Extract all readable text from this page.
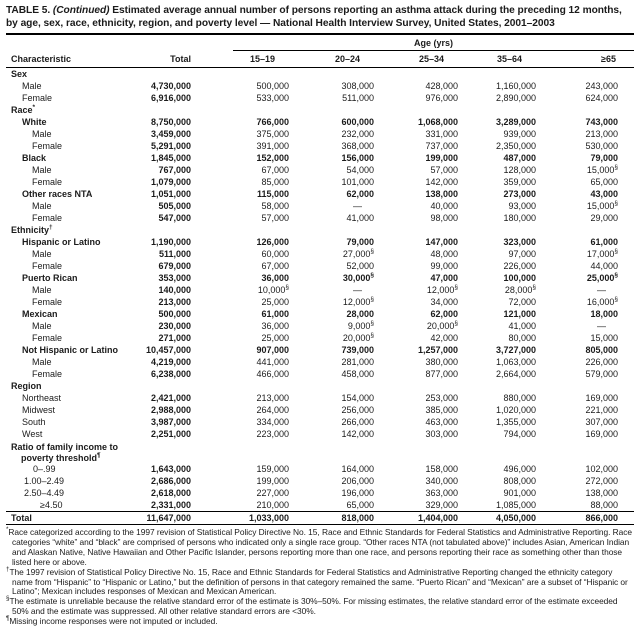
TABLE 5. (Continued) Estimated average annual number of persons reporting an asthma attack during the preceding 12 months, by age, sex, race, ethnicity, region, and poverty level — National Health Interview Survey, United States, 2001–2003

		Age (yrs)				

Characteristic	Total	15–19	20–24	25–34	35–64	≥65
Sex						
Male	4,730,000	500,000	308,000	428,000	1,160,000	243,000
Female	6,916,000	533,000	511,000	976,000	2,890,000	624,000
Race*	
White	8,750,000	766,000	600,000	1,068,000	3,289,000	743,000
Male	3,459,000	375,000	232,000	331,000	939,000	213,000
Female	5,291,000	391,000	368,000	737,000	2,350,000	530,000
Black	1,845,000	152,000	156,000	199,000	487,000	79,000
Male	767,000	67,000	54,000	57,000	128,000	15,000§
Female	1,079,000	85,000	101,000	142,000	359,000	65,000
Other races NTA	1,051,000	115,000	62,000	138,000	273,000	43,000
Male	505,000	58,000	—	40,000	93,000	15,000§
Female	547,000	57,000	41,000	98,000	180,000	29,000
Ethnicity†	
Hispanic or Latino	1,190,000	126,000	79,000	147,000	323,000	61,000
Male	511,000	60,000	27,000§	48,000	97,000	17,000§
Female	679,000	67,000	52,000	99,000	226,000	44,000
Puerto Rican	353,000	36,000	30,000§	47,000	100,000	25,000§
Male	140,000	10,000§	—	12,000§	28,000§	—
Female	213,000	25,000	12,000§	34,000	72,000	16,000§
Mexican	500,000	61,000	28,000	62,000	121,000	18,000
Male	230,000	36,000	9,000§	20,000§	41,000	—
Female	271,000	25,000	20,000§	42,000	80,000	15,000
Not Hispanic or Latino	10,457,000	907,000	739,000	1,257,000	3,727,000	805,000
Male	4,219,000	441,000	281,000	380,000	1,063,000	226,000
Female	6,238,000	466,000	458,000	877,000	2,664,000	579,000
Region						
Northeast	2,421,000	213,000	154,000	253,000	880,000	169,000
Midwest	2,988,000	264,000	256,000	385,000	1,020,000	221,000
South	3,987,000	334,000	266,000	463,000	1,355,000	307,000
West	2,251,000	223,000	142,000	303,000	794,000	169,000
Ratio of family income to poverty threshold¶	
0–.99	1,643,000	159,000	164,000	158,000	496,000	102,000
1.00–2.49	2,686,000	199,000	206,000	340,000	808,000	272,000
2.50–4.49	2,618,000	227,000	196,000	363,000	901,000	138,000
≥4.50	2,331,000	210,000	65,000	329,000	1,085,000	88,000
Total	11,647,000	1,033,000	818,000	1,404,000	4,050,000	866,000
*Race categorized according to the 1997 revision of Statistical Policy Directive No. 15, Race and Ethnic Standards for Federal Statistics and Administrative Reporting. Race categories “white” and “black” are comprised of persons who indicated only a single race group. “Other races NTA (not tabulated above)” includes Asian, American Indian and Alaskan Native, Native Hawaiian and Other Pacific Islander, persons reporting more than one race, and persons reporting their race as something other than those listed here or above.
†The 1997 revision of Statistical Policy Directive No. 15, Race and Ethnic Standards for Federal Statistics and Administrative Reporting changed the ethnicity category name from “Hispanic” to “Hispanic or Latino,” but the definition of persons in that category remained the same. “Puerto Rican” and “Mexican” are a subset of “Hispanic or Latino”; Mexican includes responses of Mexican and Mexican American.
§The estimate is unreliable because the relative standard error of the estimate is 30%–50%. For missing estimates, the relative standard error of the estimate exceeded 50% and the estimate was suppressed. All other relative standard errors are <30%.
¶Missing income responses were not imputed or included.
